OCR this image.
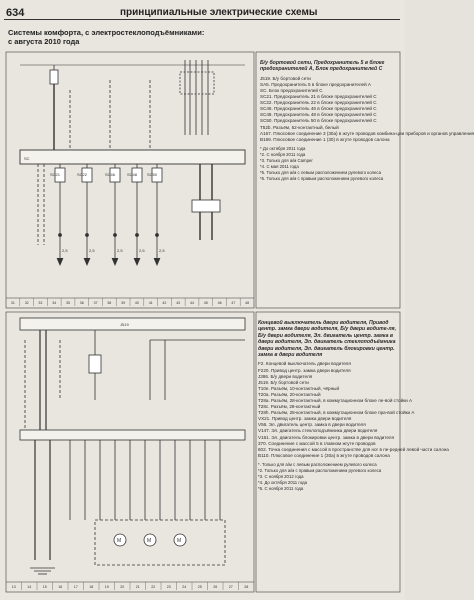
634	принципиальные электрические схемы
Системы комфорта, с электростеклоподъёмниками: с августа 2010 года
SC
SC21	SC22	SC46	SC48 SC50
2,5	2,5	2,5	2,5	2,5
31	32	33	34	35	36	37	38	39	40	41	42	43	44	45	46	47	48
M	M	M
J519
13	14	15	16	17	18	19	20	21	22	23	24	25	26	27	28
Б/у бортовой сети, Предохранитель 5 в блоке предохранителей А, Блок предохранителей С
J519. Б/у бортовой сети
SA5. Предохранитель 5 в блоке предохранителей А
SC. Блок предохранителей С
SC21. Предохранитель 21 в блоке предохранителей С
SC22. Предохранитель 22 в блоке предохранителей С
SC46. Предохранитель 46 в блоке предохранителей С
SC48. Предохранитель 48 в блоке предохранителей С
SC50. Предохранитель 50 в блоке предохранителей С
T52b. Разъём, 52-контактный, белый
A167. Плюсовое соединение 3 (30а) в жгуте проводов комбина-ции приборов и органов управления
B169. Плюсовое соединение 1 (30) в жгуте проводов салона
* До октября 2011 года
*2. С ноября 2011 года
*3. Только для а/м Camper
*4. С мая 2011 года
*5. Только для а/м с левым расположением рулевого колеса
*6. Только для а/м с правым расположением рулевого колеса
Концевой выключатель двери водителя, Привод центр. замка двери водителя, Б/у двери водите-ля, Б/у двери водителя, Эл. двигатель центр. замка в двери водителя, Эл. двигатель стеклоподъёмника двери водителя, Эл. двигатель блокировки центр. замка в двери водителя
F2. Концевой выключатель двери водителя
F220. Привод центр. замка двери водителя
J386. Б/у двери водителя
J519. Б/у бортовой сети
T10e. Разъём, 10-контактный, чёрный
T20a. Разъём, 20-контактный
T28a. Разъём, 28-контактный, в коммутационном блоке ле-вой стойки А
T28c. Разъём, 28-контактный
T28h. Разъём, 28-контактный, в коммутационном блоке пра-вой стойки А
VX21. Привод центр. замка двери водителя
V56. Эл. двигатель центр. замка в двери водителя
V147. Эл. двигатель стеклоподъёмника двери водителя
V161. Эл. двигатель блокировки центр. замка в двери водителя
370. Соединение с массой 5 в главном жгуте проводов
602. Точка соединения с массой в пространстве для ног в пе-редней левой части салона
B110. Плюсовое соединение 1 (30а) в жгуте проводов салона
*. Только для а/м с левым расположением рулевого колеса
*2. Только для а/м с правым расположением рулевого колеса
*3. С ноября 2012 года
*4. До октября 2011 года
*5. С ноября 2011 года
